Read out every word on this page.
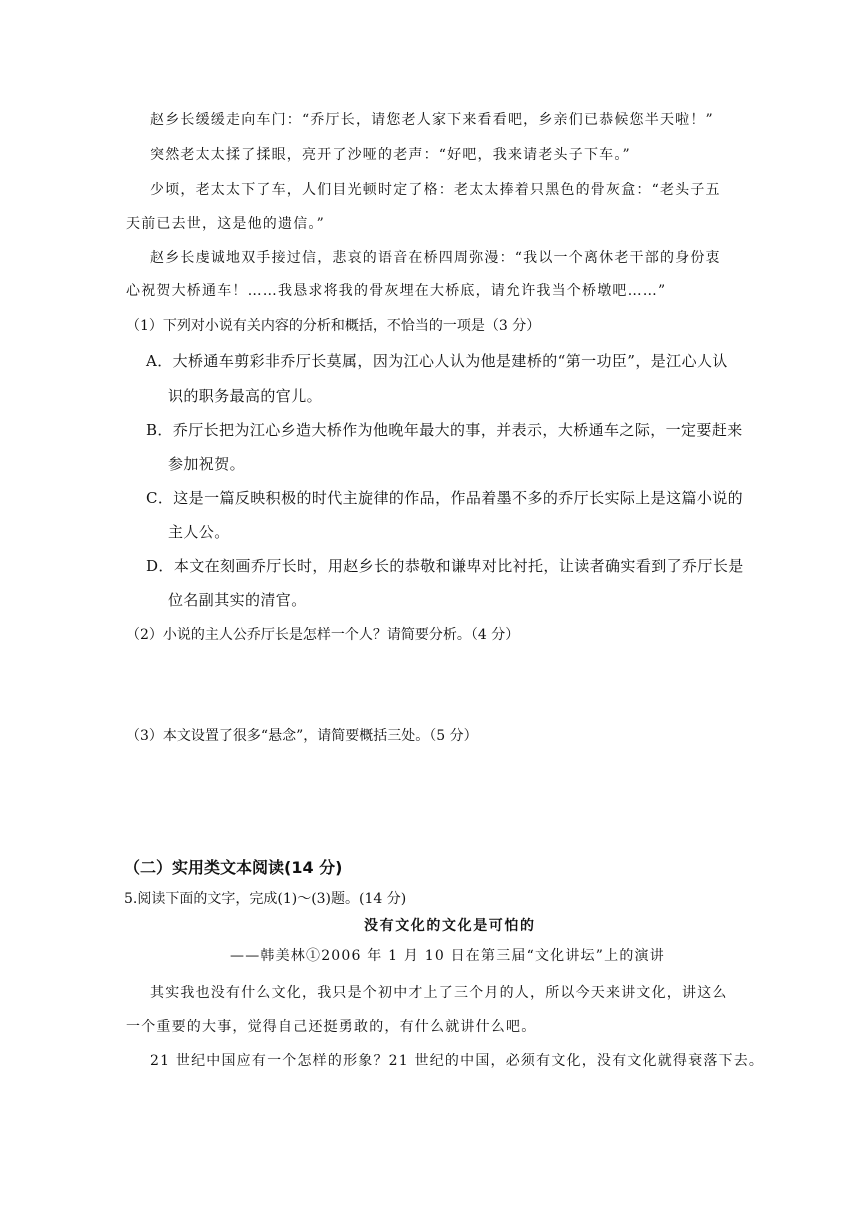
赵乡长缓缓走向车门：“乔厅长，请您老人家下来看看吧，乡亲们已恭候您半天啦！”
突然老太太揉了揉眼，亮开了沙哑的老声：“好吧，我来请老头子下车。”
少顷，老太太下了车，人们目光顿时定了格：老太太捧着只黑色的骨灰盒：“老头子五
天前已去世，这是他的遗信。”
赵乡长虔诚地双手接过信，悲哀的语音在桥四周弥漫：“我以一个离休老干部的身份衷
心祝贺大桥通车！……我恳求将我的骨灰埋在大桥底，请允许我当个桥墩吧……”
（1）下列对小说有关内容的分析和概括，不恰当的一项是（3 分）
A．大桥通车剪彩非乔厅长莫属，因为江心人认为他是建桥的“第一功臣”，是江心人认
识的职务最高的官儿。
B．乔厅长把为江心乡造大桥作为他晚年最大的事，并表示，大桥通车之际，一定要赶来
参加祝贺。
C．这是一篇反映积极的时代主旋律的作品，作品着墨不多的乔厅长实际上是这篇小说的
主人公。
D．本文在刻画乔厅长时，用赵乡长的恭敬和谦卑对比衬托，让读者确实看到了乔厅长是
位名副其实的清官。
（2）小说的主人公乔厅长是怎样一个人？请简要分析。（4 分）
（3）本文设置了很多“悬念”，请简要概括三处。（5 分）
（二）实用类文本阅读(14 分)
5.阅读下面的文字，完成(1)～(3)题。(14 分)
没有文化的文化是可怕的
——韩美林①2006 年 1 月 10 日在第三届“文化讲坛”上的演讲
其实我也没有什么文化，我只是个初中才上了三个月的人，所以今天来讲文化，讲这么
一个重要的大事，觉得自己还挺勇敢的，有什么就讲什么吧。
21 世纪中国应有一个怎样的形象？21 世纪的中国，必须有文化，没有文化就得衰落下去。
